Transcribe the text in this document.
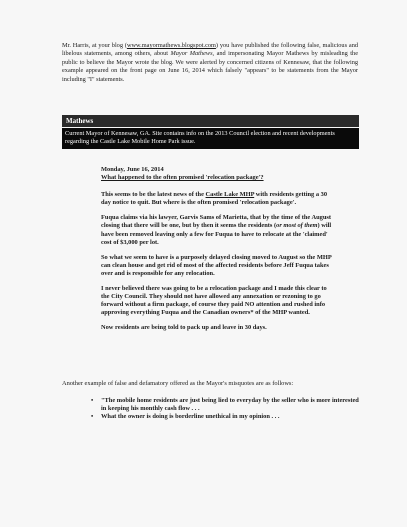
Mr. Harris, at your blog (www.mayormathews.blogspot.com) you have published the following false, malicious and libelous statements, among others, about Mayor Mathews, and impersonating Mayor Mathews by misleading the public to believe the Mayor wrote the blog. We were alerted by concerned citizens of Kennesaw, that the following example appeared on the front page on June 16, 2014 which falsely "appears" to be statements from the Mayor including "I" statements.
Mathews
Current Mayor of Kennesaw, GA. Site contains info on the 2013 Council election and recent developments regarding the Castle Lake Mobile Home Park issue.

Monday, June 16, 2014

What happened to the often promised 'relocation package'?

This seems to be the latest news of the Castle Lake MHP with residents getting a 30 day notice to quit. But where is the often promised 'relocation package'.

Fuqua claims via his lawyer, Garvis Sams of Marietta, that by the time of the August closing that there will be one, but by then it seems the residents (or most of them) will have been removed leaving only a few for Fuqua to have to relocate at the 'claimed' cost of $3,000 per lot.

So what we seem to have is a purposely delayed closing moved to August so the MHP can clean house and get rid of most of the affected residents before Jeff Fuqua takes over and is responsible for any relocation.

I never believed there was going to be a relocation package and I made this clear to the City Council. They should not have allowed any annexation or rezoning to go forward without a firm package, of course they paid NO attention and rushed info approving everything Fuqua and the Canadian owners* of the MHP wanted.

Now residents are being told to pack up and leave in 30 days.

Another example of false and defamatory offered as the Mayor's misquotes are as follows:
• "The mobile home residents are just being lied to everyday by the seller who is more interested in keeping his monthly cash flow . . .
• What the owner is doing is borderline unethical in my opinion . . .
